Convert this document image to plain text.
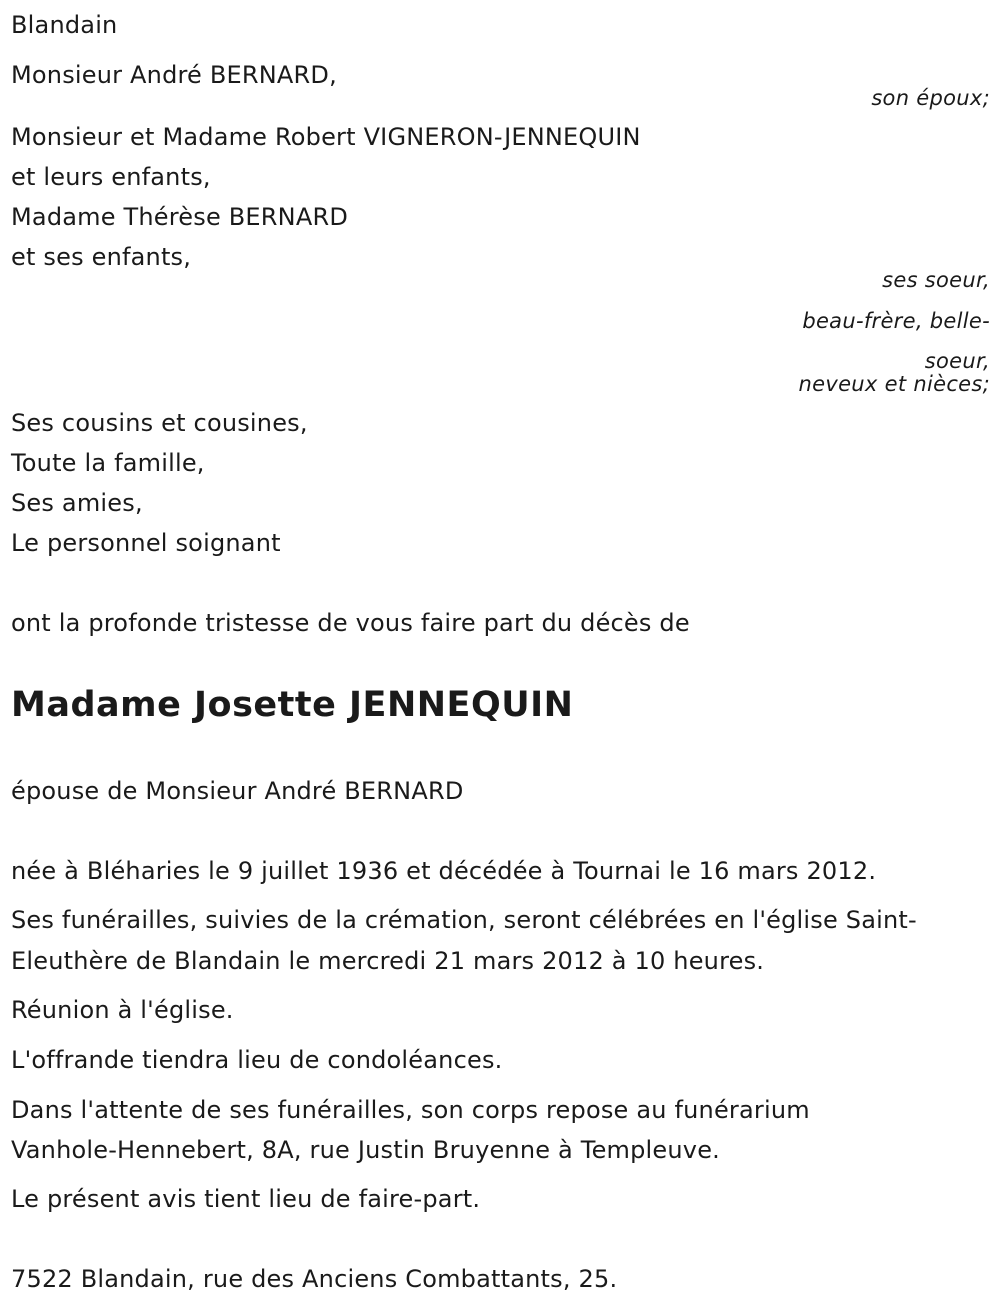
Blandain
Monsieur André BERNARD,
son époux;
Monsieur et Madame Robert VIGNERON-JENNEQUIN
et leurs enfants,
Madame Thérèse BERNARD
et ses enfants,
ses soeur,
beau-frère, belle-
soeur,
neveux et nièces;
Ses cousins et cousines,
Toute la famille,
Ses amies,
Le personnel soignant
ont la profonde tristesse de vous faire part du décès de
Madame Josette JENNEQUIN
épouse de Monsieur André BERNARD
née à Bléharies le 9 juillet 1936 et décédée à Tournai le 16 mars 2012.
Ses funérailles, suivies de la crémation, seront célébrées en l'église Saint-
Eleuthère de Blandain le mercredi 21 mars 2012 à 10 heures.
Réunion à l'église.
L'offrande tiendra lieu de condoléances.
Dans l'attente de ses funérailles, son corps repose au funérarium
Vanhole-Hennebert, 8A, rue Justin Bruyenne à Templeuve.
Le présent avis tient lieu de faire-part.
7522 Blandain, rue des Anciens Combattants, 25.
